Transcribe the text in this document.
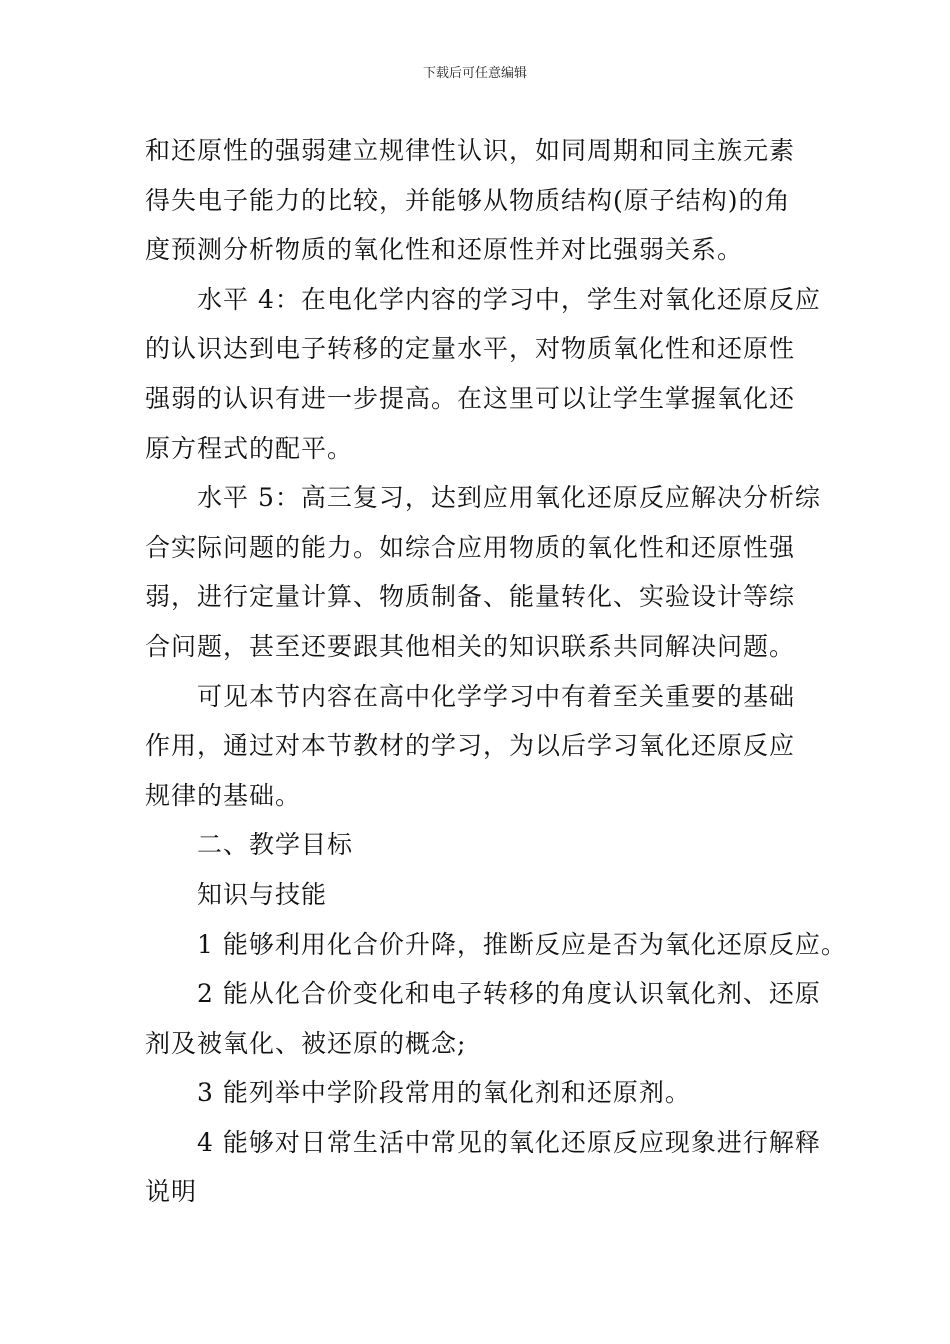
下载后可任意编辑

和还原性的强弱建立规律性认识，如同周期和同主族元素

得失电子能力的比较，并能够从物质结构(原子结构)的角

度预测分析物质的氧化性和还原性并对比强弱关系。

水平 4：在电化学内容的学习中，学生对氧化还原反应

的认识达到电子转移的定量水平，对物质氧化性和还原性

强弱的认识有进一步提高。在这里可以让学生掌握氧化还

原方程式的配平。

水平 5：高三复习，达到应用氧化还原反应解决分析综

合实际问题的能力。如综合应用物质的氧化性和还原性强

弱，进行定量计算、物质制备、能量转化、实验设计等综

合问题，甚至还要跟其他相关的知识联系共同解决问题。

可见本节内容在高中化学学习中有着至关重要的基础

作用，通过对本节教材的学习，为以后学习氧化还原反应

规律的基础。

二、教学目标

知识与技能

1 能够利用化合价升降，推断反应是否为氧化还原反应。

2 能从化合价变化和电子转移的角度认识氧化剂、还原

剂及被氧化、被还原的概念;

3 能列举中学阶段常用的氧化剂和还原剂。

4 能够对日常生活中常见的氧化还原反应现象进行解释

说明
